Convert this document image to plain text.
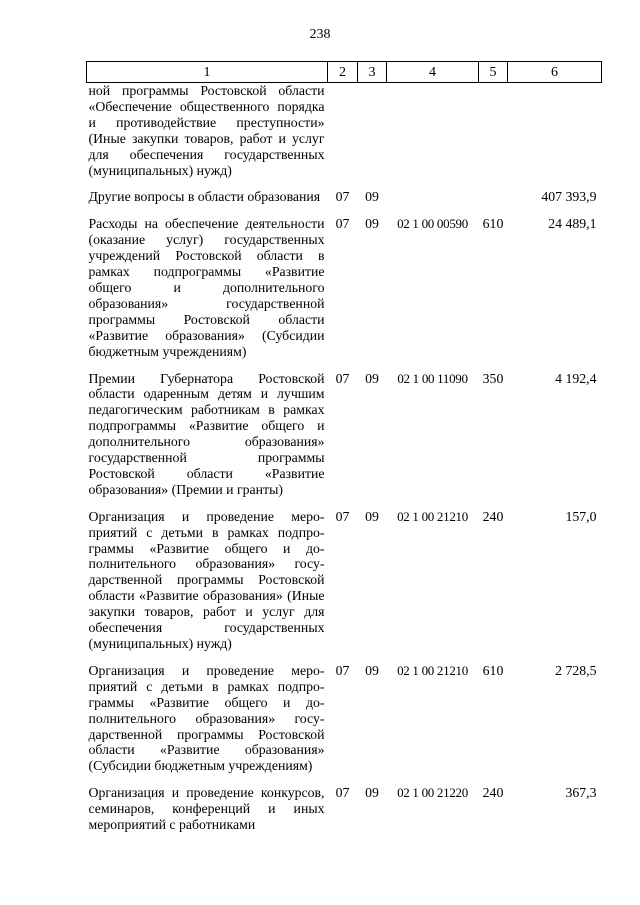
238
1	2	3	4	5	6
ной программы Ростовской области «Обеспечение общественного порядка и противодействие преступности» (Иные закупки товаров, работ и услуг для обеспечения государственных (муниципальных) нужд)					
Другие вопросы в области образования	07	09			407 393,9
Расходы на обеспечение деятельности (оказание услуг) государственных учреждений Ростовской области в рамках подпрограммы «Развитие общего и дополнительного образования» государственной программы Ростовской области «Развитие образования» (Субсидии бюджетным учреждениям)	07	09	02 1 00 00590	610	24 489,1
Премии Губернатора Ростовской области одаренным детям и лучшим педагогическим работникам в рамках подпрограммы «Развитие общего и дополнительного образования» государственной программы Ростовской области «Развитие образования» (Премии и гранты)	07	09	02 1 00 11090	350	4 192,4
Организация и проведение мероприятий с детьми в рамках подпрограммы «Развитие общего и дополнительного образования» государственной программы Ростовской области «Развитие образования» (Иные закупки товаров, работ и услуг для обеспечения государственных (муниципальных) нужд)	07	09	02 1 00 21210	240	157,0
Организация и проведение мероприятий с детьми в рамках подпрограммы «Развитие общего и дополнительного образования» государственной программы Ростовской области «Развитие образования» (Субсидии бюджетным учреждениям)	07	09	02 1 00 21210	610	2 728,5
Организация и проведение конкурсов, семинаров, конференций и иных мероприятий с работниками	07	09	02 1 00 21220	240	367,3
